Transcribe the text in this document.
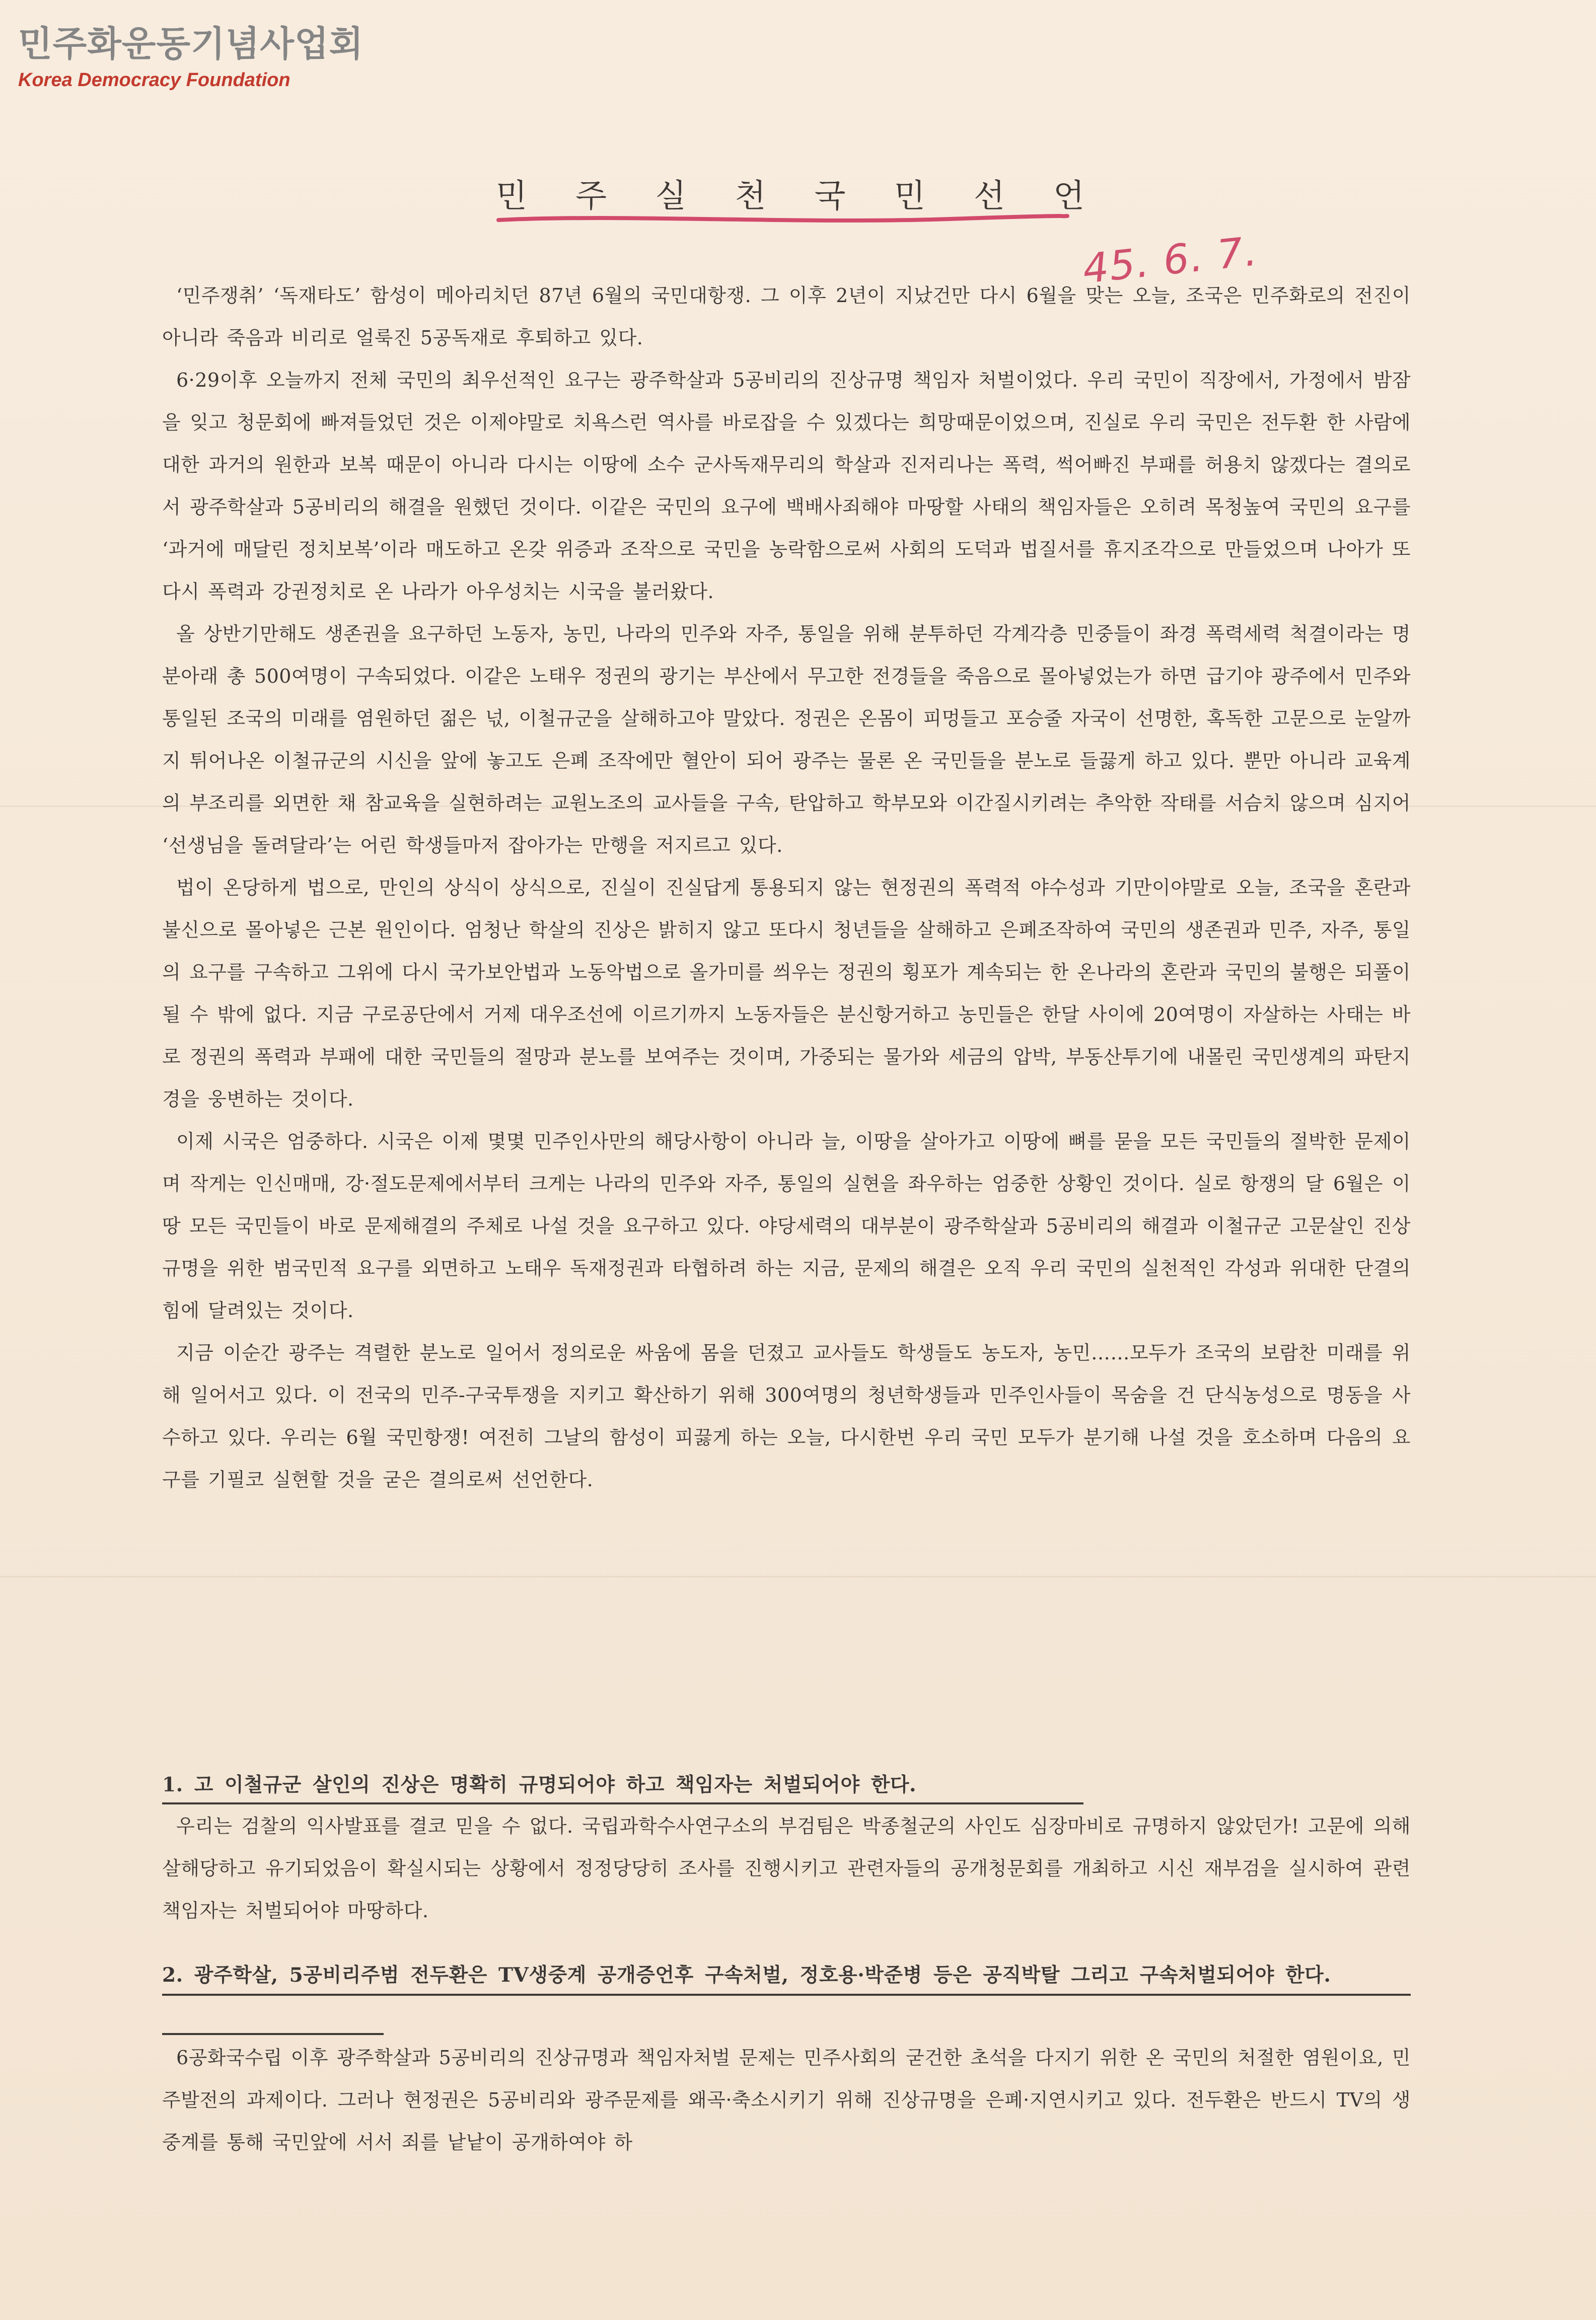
민주화운동기념사업회
Korea Democracy Foundation
민 주 실 천 국 민 선 언
45. 6. 7.

‘민주쟁취’ ‘독재타도’ 함성이 메아리치던 87년 6월의 국민대항쟁. 그 이후 2년이 지났건만 다시 6월을 맞는 오늘, 조국은 민주화로의 전진이 아니라 죽음과 비리로 얼룩진 5공독재로 후퇴하고 있다.

6·29이후 오늘까지 전체 국민의 최우선적인 요구는 광주학살과 5공비리의 진상규명 책임자 처벌이었다. 우리 국민이 직장에서, 가정에서 밤잠을 잊고 청문회에 빠져들었던 것은 이제야말로 치욕스런 역사를 바로잡을 수 있겠다는 희망때문이었으며, 진실로 우리 국민은 전두환 한 사람에 대한 과거의 원한과 보복 때문이 아니라 다시는 이땅에 소수 군사독재무리의 학살과 진저리나는 폭력, 썩어빠진 부패를 허용치 않겠다는 결의로서 광주학살과 5공비리의 해결을 원했던 것이다. 이같은 국민의 요구에 백배사죄해야 마땅할 사태의 책임자들은 오히려 목청높여 국민의 요구를 ‘과거에 매달린 정치보복’이라 매도하고 온갖 위증과 조작으로 국민을 농락함으로써 사회의 도덕과 법질서를 휴지조각으로 만들었으며 나아가 또다시 폭력과 강권정치로 온 나라가 아우성치는 시국을 불러왔다.

올 상반기만해도 생존권을 요구하던 노동자, 농민, 나라의 민주와 자주, 통일을 위해 분투하던 각계각층 민중들이 좌경 폭력세력 척결이라는 명분아래 총 500여명이 구속되었다. 이같은 노태우 정권의 광기는 부산에서 무고한 전경들을 죽음으로 몰아넣었는가 하면 급기야 광주에서 민주와 통일된 조국의 미래를 염원하던 젊은 넋, 이철규군을 살해하고야 말았다. 정권은 온몸이 피멍들고 포승줄 자국이 선명한, 혹독한 고문으로 눈알까지 튀어나온 이철규군의 시신을 앞에 놓고도 은폐 조작에만 혈안이 되어 광주는 물론 온 국민들을 분노로 들끓게 하고 있다. 뿐만 아니라 교육계의 부조리를 외면한 채 참교육을 실현하려는 교원노조의 교사들을 구속, 탄압하고 학부모와 이간질시키려는 추악한 작태를 서슴치 않으며 심지어 ‘선생님을 돌려달라’는 어린 학생들마저 잡아가는 만행을 저지르고 있다.

법이 온당하게 법으로, 만인의 상식이 상식으로, 진실이 진실답게 통용되지 않는 현정권의 폭력적 야수성과 기만이야말로 오늘, 조국을 혼란과 불신으로 몰아넣은 근본 원인이다. 엄청난 학살의 진상은 밝히지 않고 또다시 청년들을 살해하고 은폐조작하여 국민의 생존권과 민주, 자주, 통일의 요구를 구속하고 그위에 다시 국가보안법과 노동악법으로 올가미를 씌우는 정권의 횡포가 계속되는 한 온나라의 혼란과 국민의 불행은 되풀이될 수 밖에 없다. 지금 구로공단에서 거제 대우조선에 이르기까지 노동자들은 분신항거하고 농민들은 한달 사이에 20여명이 자살하는 사태는 바로 정권의 폭력과 부패에 대한 국민들의 절망과 분노를 보여주는 것이며, 가중되는 물가와 세금의 압박, 부동산투기에 내몰린 국민생계의 파탄지경을 웅변하는 것이다.

이제 시국은 엄중하다. 시국은 이제 몇몇 민주인사만의 해당사항이 아니라 늘, 이땅을 살아가고 이땅에 뼈를 묻을 모든 국민들의 절박한 문제이며 작게는 인신매매, 강·절도문제에서부터 크게는 나라의 민주와 자주, 통일의 실현을 좌우하는 엄중한 상황인 것이다. 실로 항쟁의 달 6월은 이땅 모든 국민들이 바로 문제해결의 주체로 나설 것을 요구하고 있다. 야당세력의 대부분이 광주학살과 5공비리의 해결과 이철규군 고문살인 진상규명을 위한 범국민적 요구를 외면하고 노태우 독재정권과 타협하려 하는 지금, 문제의 해결은 오직 우리 국민의 실천적인 각성과 위대한 단결의 힘에 달려있는 것이다.

지금 이순간 광주는 격렬한 분노로 일어서 정의로운 싸움에 몸을 던졌고 교사들도 학생들도 농도자, 농민……모두가 조국의 보람찬 미래를 위해 일어서고 있다. 이 전국의 민주-구국투쟁을 지키고 확산하기 위해 300여명의 청년학생들과 민주인사들이 목숨을 건 단식농성으로 명동을 사수하고 있다. 우리는 6월 국민항쟁! 여전히 그날의 함성이 피끓게 하는 오늘, 다시한번 우리 국민 모두가 분기해 나설 것을 호소하며 다음의 요구를 기필코 실현할 것을 굳은 결의로써 선언한다.

1. 고 이철규군 살인의 진상은 명확히 규명되어야 하고 책임자는 처벌되어야 한다.

우리는 검찰의 익사발표를 결코 믿을 수 없다. 국립과학수사연구소의 부검팀은 박종철군의 사인도 심장마비로 규명하지 않았던가! 고문에 의해 살해당하고 유기되었음이 확실시되는 상황에서 정정당당히 조사를 진행시키고 관련자들의 공개청문회를 개최하고 시신 재부검을 실시하여 관련책임자는 처벌되어야 마땅하다.

2. 광주학살, 5공비리주범 전두환은 TV생중계 공개증언후 구속처벌, 정호용·박준병 등은 공직박탈 그리고 구속처벌되어야 한다.

6공화국수립 이후 광주학살과 5공비리의 진상규명과 책임자처벌 문제는 민주사회의 굳건한 초석을 다지기 위한 온 국민의 처절한 염원이요, 민주발전의 과제이다. 그러나 현정권은 5공비리와 광주문제를 왜곡·축소시키기 위해 진상규명을 은폐·지연시키고 있다. 전두환은 반드시 TV의 생중계를 통해 국민앞에 서서 죄를 낱낱이 공개하여야 하
